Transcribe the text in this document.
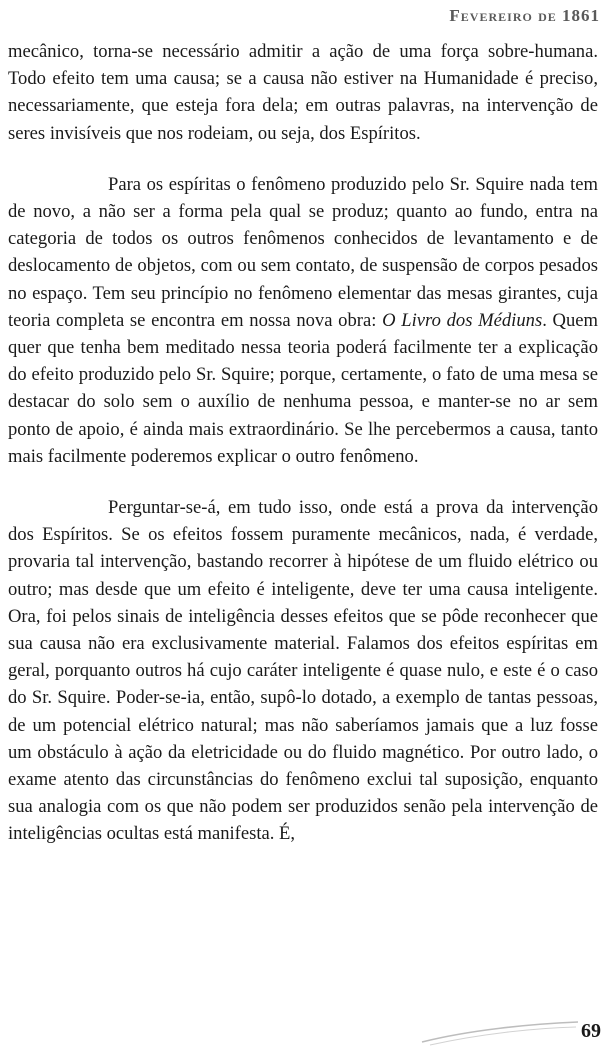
Fevereiro de 1861

mecânico, torna-se necessário admitir a ação de uma força sobre-humana. Todo efeito tem uma causa; se a causa não estiver na Humanidade é preciso, necessariamente, que esteja fora dela; em outras palavras, na intervenção de seres invisíveis que nos rodeiam, ou seja, dos Espíritos.

Para os espíritas o fenômeno produzido pelo Sr. Squire nada tem de novo, a não ser a forma pela qual se produz; quanto ao fundo, entra na categoria de todos os outros fenômenos conhecidos de levantamento e de deslocamento de objetos, com ou sem contato, de suspensão de corpos pesados no espaço. Tem seu princípio no fenômeno elementar das mesas girantes, cuja teoria completa se encontra em nossa nova obra: O Livro dos Médiuns. Quem quer que tenha bem meditado nessa teoria poderá facilmente ter a explicação do efeito produzido pelo Sr. Squire; porque, certamente, o fato de uma mesa se destacar do solo sem o auxílio de nenhuma pessoa, e manter-se no ar sem ponto de apoio, é ainda mais extraordinário. Se lhe percebermos a causa, tanto mais facilmente poderemos explicar o outro fenômeno.

Perguntar-se-á, em tudo isso, onde está a prova da intervenção dos Espíritos. Se os efeitos fossem puramente mecânicos, nada, é verdade, provaria tal intervenção, bastando recorrer à hipótese de um fluido elétrico ou outro; mas desde que um efeito é inteligente, deve ter uma causa inteligente. Ora, foi pelos sinais de inteligência desses efeitos que se pôde reconhecer que sua causa não era exclusivamente material. Falamos dos efeitos espíritas em geral, porquanto outros há cujo caráter inteligente é quase nulo, e este é o caso do Sr. Squire. Poder-se-ia, então, supô-lo dotado, a exemplo de tantas pessoas, de um potencial elétrico natural; mas não saberíamos jamais que a luz fosse um obstáculo à ação da eletricidade ou do fluido magnético. Por outro lado, o exame atento das circunstâncias do fenômeno exclui tal suposição, enquanto sua analogia com os que não podem ser produzidos senão pela intervenção de inteligências ocultas está manifesta. É,

69
